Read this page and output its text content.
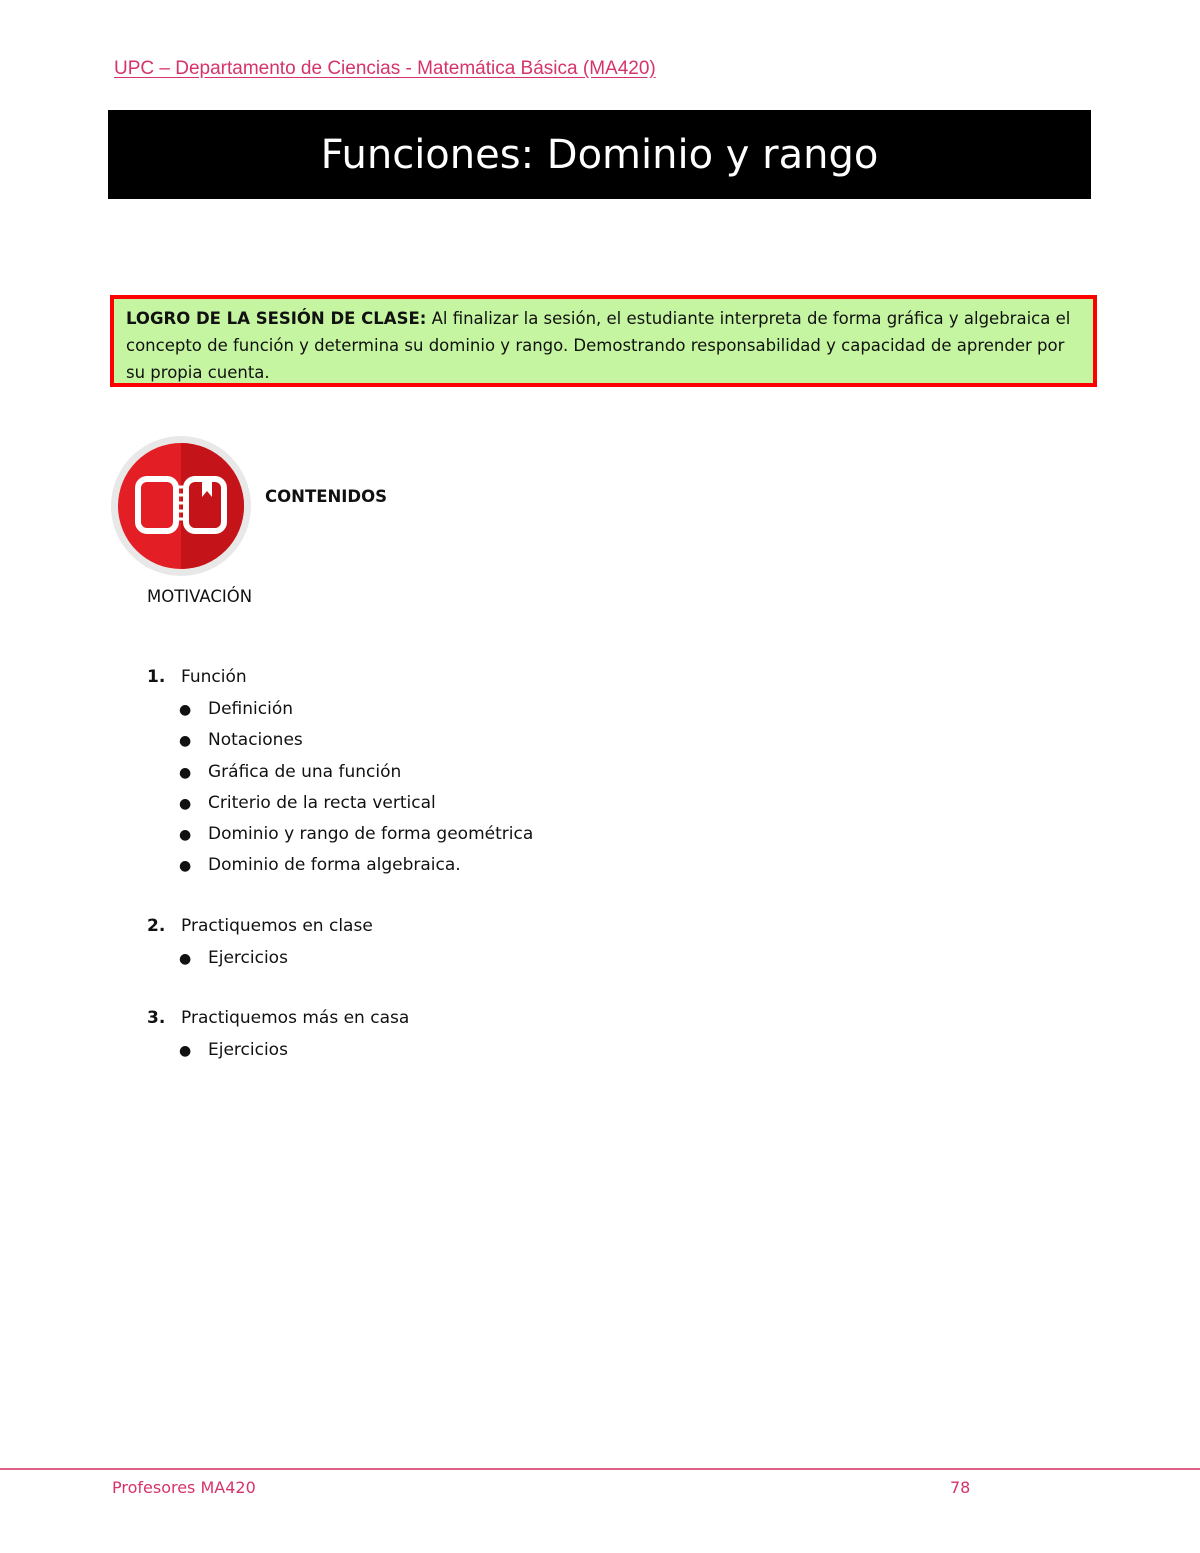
UPC – Departamento de Ciencias - Matemática Básica (MA420)
Funciones: Dominio y rango
LOGRO DE LA SESIÓN DE CLASE: Al finalizar la sesión, el estudiante interpreta de forma gráfica y algebraica el concepto de función y determina su dominio y rango. Demostrando responsabilidad y capacidad de aprender por su propia cuenta.
CONTENIDOS
MOTIVACIÓN
1. Función
● Definición
● Notaciones
● Gráfica de una función
● Criterio de la recta vertical
● Dominio y rango de forma geométrica
● Dominio de forma algebraica.
2. Practiquemos en clase
● Ejercicios
3. Practiquemos más en casa
● Ejercicios
Profesores MA420	78
